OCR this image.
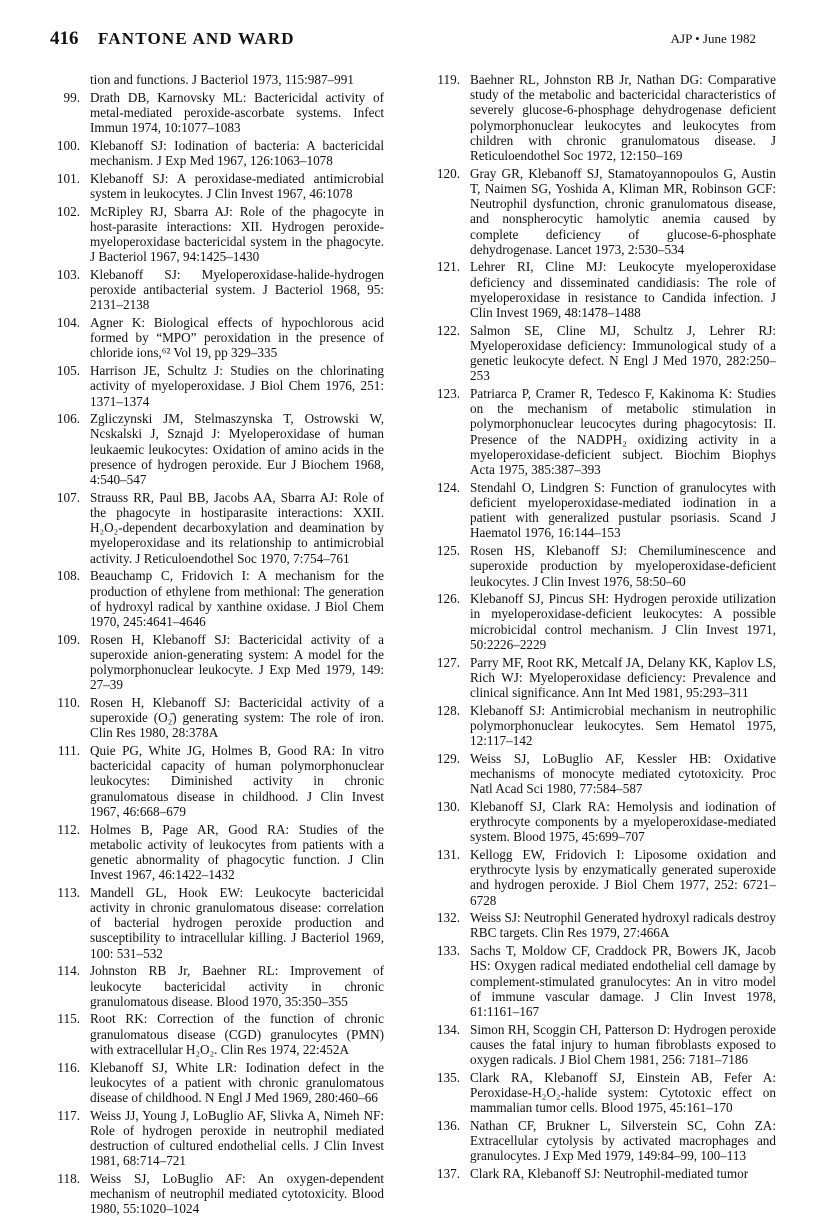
416 FANTONE AND WARD	AJP • June 1982
tion and functions. J Bacteriol 1973, 115:987–991
99. Drath DB, Karnovsky ML: Bactericidal activity of metal-mediated peroxide-ascorbate systems. Infect Immun 1974, 10:1077–1083
100. Klebanoff SJ: Iodination of bacteria: A bactericidal mechanism. J Exp Med 1967, 126:1063–1078
101. Klebanoff SJ: A peroxidase-mediated antimicrobial system in leukocytes. J Clin Invest 1967, 46:1078
102. McRipley RJ, Sbarra AJ: Role of the phagocyte in host-parasite interactions: XII. Hydrogen peroxide-myeloperoxidase bactericidal system in the phagocyte. J Bacteriol 1967, 94:1425–1430
103. Klebanoff SJ: Myeloperoxidase-halide-hydrogen peroxide antibacterial system. J Bacteriol 1968, 95: 2131–2138
104. Agner K: Biological effects of hypochlorous acid formed by “MPO” peroxidation in the presence of chloride ions,⁶² Vol 19, pp 329–335
105. Harrison JE, Schultz J: Studies on the chlorinating activity of myeloperoxidase. J Biol Chem 1976, 251: 1371–1374
106. Zgliczynski JM, Stelmaszynska T, Ostrowski W, Ncskalski J, Sznajd J: Myeloperoxidase of human leukaemic leukocytes: Oxidation of amino acids in the presence of hydrogen peroxide. Eur J Biochem 1968, 4:540–547
107. Strauss RR, Paul BB, Jacobs AA, Sbarra AJ: Role of the phagocyte in hostiparasite interactions: XXII. H₂O₂-dependent decarboxylation and deamination by myeloperoxidase and its relationship to antimicrobial activity. J Reticuloendothel Soc 1970, 7:754–761
108. Beauchamp C, Fridovich I: A mechanism for the production of ethylene from methional: The generation of hydroxyl radical by xanthine oxidase. J Biol Chem 1970, 245:4641–4646
109. Rosen H, Klebanoff SJ: Bactericidal activity of a superoxide anion-generating system: A model for the polymorphonuclear leukocyte. J Exp Med 1979, 149: 27–39
110. Rosen H, Klebanoff SJ: Bactericidal activity of a superoxide (O₂̄) generating system: The role of iron. Clin Res 1980, 28:378A
111. Quie PG, White JG, Holmes B, Good RA: In vitro bactericidal capacity of human polymorphonuclear leukocytes: Diminished activity in chronic granulomatous disease in childhood. J Clin Invest 1967, 46:668–679
112. Holmes B, Page AR, Good RA: Studies of the metabolic activity of leukocytes from patients with a genetic abnormality of phagocytic function. J Clin Invest 1967, 46:1422–1432
113. Mandell GL, Hook EW: Leukocyte bactericidal activity in chronic granulomatous disease: correlation of bacterial hydrogen peroxide production and susceptibility to intracellular killing. J Bacteriol 1969, 100: 531–532
114. Johnston RB Jr, Baehner RL: Improvement of leukocyte bactericidal activity in chronic granulomatous disease. Blood 1970, 35:350–355
115. Root RK: Correction of the function of chronic granulomatous disease (CGD) granulocytes (PMN) with extracellular H₂O₂. Clin Res 1974, 22:452A
116. Klebanoff SJ, White LR: Iodination defect in the leukocytes of a patient with chronic granulomatous disease of childhood. N Engl J Med 1969, 280:460–66
117. Weiss JJ, Young J, LoBuglio AF, Slivka A, Nimeh NF: Role of hydrogen peroxide in neutrophil mediated destruction of cultured endothelial cells. J Clin Invest 1981, 68:714–721
118. Weiss SJ, LoBuglio AF: An oxygen-dependent mechanism of neutrophil mediated cytotoxicity. Blood 1980, 55:1020–1024
119. Baehner RL, Johnston RB Jr, Nathan DG: Comparative study of the metabolic and bactericidal characteristics of severely glucose-6-phosphage dehydrogenase deficient polymorphonuclear leukocytes and leukocytes from children with chronic granulomatous disease. J Reticuloendothel Soc 1972, 12:150–169
120. Gray GR, Klebanoff SJ, Stamatoyannopoulos G, Austin T, Naimen SG, Yoshida A, Kliman MR, Robinson GCF: Neutrophil dysfunction, chronic granulomatous disease, and nonspherocytic hamolytic anemia caused by complete deficiency of glucose-6-phosphate dehydrogenase. Lancet 1973, 2:530–534
121. Lehrer RI, Cline MJ: Leukocyte myeloperoxidase deficiency and disseminated candidiasis: The role of myeloperoxidase in resistance to Candida infection. J Clin Invest 1969, 48:1478–1488
122. Salmon SE, Cline MJ, Schultz J, Lehrer RJ: Myeloperoxidase deficiency: Immunological study of a genetic leukocyte defect. N Engl J Med 1970, 282:250–253
123. Patriarca P, Cramer R, Tedesco F, Kakinoma K: Studies on the mechanism of metabolic stimulation in polymorphonuclear leucocytes during phagocytosis: II. Presence of the NADPH₂ oxidizing activity in a myeloperoxidase-deficient subject. Biochim Biophys Acta 1975, 385:387–393
124. Stendahl O, Lindgren S: Function of granulocytes with deficient myeloperoxidase-mediated iodination in a patient with generalized pustular psoriasis. Scand J Haematol 1976, 16:144–153
125. Rosen HS, Klebanoff SJ: Chemiluminescence and superoxide production by myeloperoxidase-deficient leukocytes. J Clin Invest 1976, 58:50–60
126. Klebanoff SJ, Pincus SH: Hydrogen peroxide utilization in myeloperoxidase-deficient leukocytes: A possible microbicidal control mechanism. J Clin Invest 1971, 50:2226–2229
127. Parry MF, Root RK, Metcalf JA, Delany KK, Kaplov LS, Rich WJ: Myeloperoxidase deficiency: Prevalence and clinical significance. Ann Int Med 1981, 95:293–311
128. Klebanoff SJ: Antimicrobial mechanism in neutrophilic polymorphonuclear leukocytes. Sem Hematol 1975, 12:117–142
129. Weiss SJ, LoBuglio AF, Kessler HB: Oxidative mechanisms of monocyte mediated cytotoxicity. Proc Natl Acad Sci 1980, 77:584–587
130. Klebanoff SJ, Clark RA: Hemolysis and iodination of erythrocyte components by a myeloperoxidase-mediated system. Blood 1975, 45:699–707
131. Kellogg EW, Fridovich I: Liposome oxidation and erythrocyte lysis by enzymatically generated superoxide and hydrogen peroxide. J Biol Chem 1977, 252: 6721–6728
132. Weiss SJ: Neutrophil Generated hydroxyl radicals destroy RBC targets. Clin Res 1979, 27:466A
133. Sachs T, Moldow CF, Craddock PR, Bowers JK, Jacob HS: Oxygen radical mediated endothelial cell damage by complement-stimulated granulocytes: An in vitro model of immune vascular damage. J Clin Invest 1978, 61:1161–167
134. Simon RH, Scoggin CH, Patterson D: Hydrogen peroxide causes the fatal injury to human fibroblasts exposed to oxygen radicals. J Biol Chem 1981, 256: 7181–7186
135. Clark RA, Klebanoff SJ, Einstein AB, Fefer A: Peroxidase-H₂O₂-halide system: Cytotoxic effect on mammalian tumor cells. Blood 1975, 45:161–170
136. Nathan CF, Brukner L, Silverstein SC, Cohn ZA: Extracellular cytolysis by activated macrophages and granulocytes. J Exp Med 1979, 149:84–99, 100–113
137. Clark RA, Klebanoff SJ: Neutrophil-mediated tumor
